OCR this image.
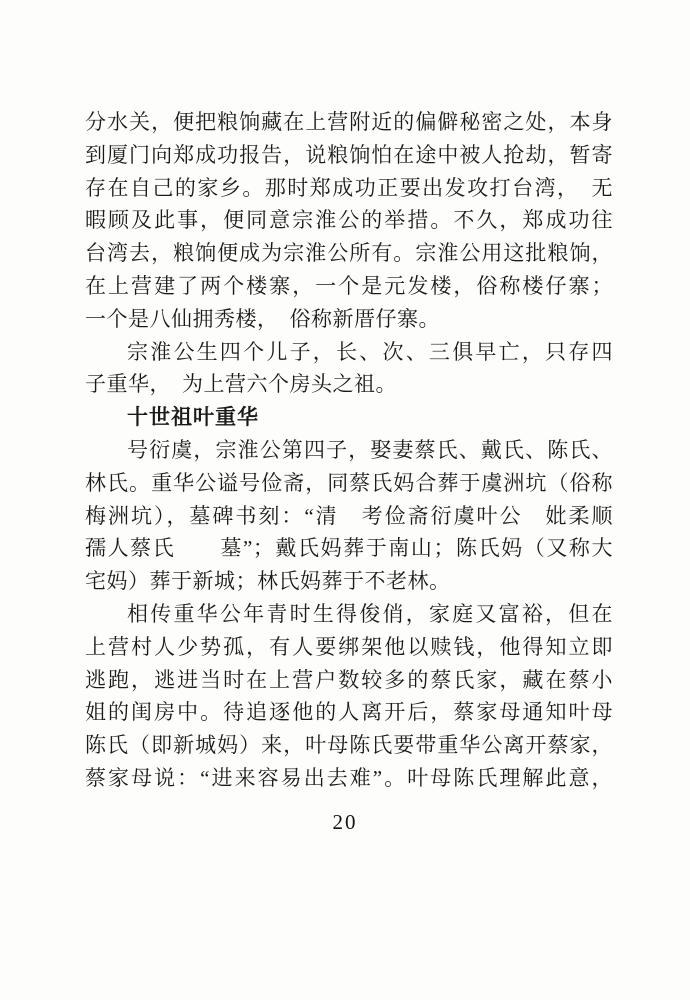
分水关，便把粮饷藏在上营附近的偏僻秘密之处，本身
到厦门向郑成功报告，说粮饷怕在途中被人抢劫，暂寄
存在自己的家乡。那时郑成功正要出发攻打台湾，　无
暇顾及此事，便同意宗淮公的举措。不久，郑成功往
台湾去，粮饷便成为宗淮公所有。宗淮公用这批粮饷，
在上营建了两个楼寨，一个是元发楼，俗称楼仔寨；
一个是八仙拥秀楼，　俗称新厝仔寨。
宗淮公生四个儿子，长、次、三俱早亡，只存四
子重华，　为上营六个房头之祖。
十世祖叶重华
号衍虞，宗淮公第四子，娶妻蔡氏、戴氏、陈氏、
林氏。重华公谥号俭斋，同蔡氏妈合葬于虞洲坑（俗称
梅洲坑），墓碑书刻：“清　考俭斋衍虞叶公　妣柔顺
孺人蔡氏　　墓”；戴氏妈葬于南山；陈氏妈（又称大
宅妈）葬于新城；林氏妈葬于不老林。
相传重华公年青时生得俊俏，家庭又富裕，但在
上营村人少势孤，有人要绑架他以赎钱，他得知立即
逃跑，逃进当时在上营户数较多的蔡氏家，藏在蔡小
姐的闺房中。待追逐他的人离开后，蔡家母通知叶母
陈氏（即新城妈）来，叶母陈氏要带重华公离开蔡家，
蔡家母说：“进来容易出去难”。叶母陈氏理解此意，
20
